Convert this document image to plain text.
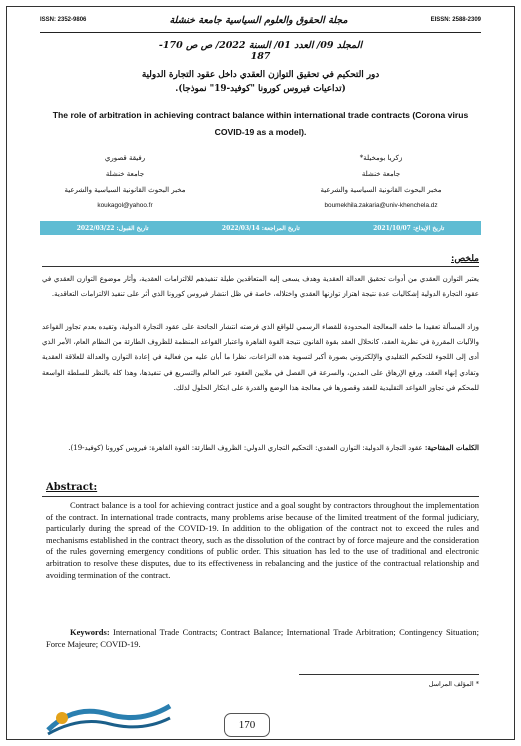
ISSN: 2352-9806	مجلة الحقوق والعلوم السياسية جامعة خنشلة	EISSN: 2588-2309
المجلد 09/ العدد 01/ السنة 2022/ ص ص 170-187
دور التحكيم في تحقيق التوازن العقدي داخل عقود التجارة الدولية
(تداعيات فيروس كورونا "كوفيد-19" نموذجا).
The role of arbitration in achieving contract balance within international trade contracts (Corona virus COVID-19 as a model).
زكريا بومخيلة*
جامعة خنشلة
مخبر البحوث القانونية السياسية والشرعية
boumekhila.zakaria@univ-khenchela.dz
رفيقة قصوري
جامعة خنشلة
مخبر البحوث القانونية السياسية والشرعية
koukagol@yahoo.fr
تاريخ الإيداع: 2021/10/07
تاريخ المراجعة: 2022/03/14
تاريخ القبول: 2022/03/22
ملخص:
يعتبر التوازن العقدي من أدوات تحقيق العدالة العقدية وهدف يسعى إليه المتعاقدين طيلة تنفيذهم للالتزامات العقدية، وأثار موضوع التوازن العقدي في عقود التجارة الدولية إشكاليات عدة نتيجة اهتزاز توازنها العقدي واختلاله، خاصة في ظل انتشار فيروس كورونا الذي أثر على تنفيذ الالتزامات التعاقدية.
وزاد المسألة تعقيدا ما خلفه المعالجة المحدودة للقضاء الرسمي للواقع الذي فرضته انتشار الجائحة على عقود التجارة الدولية، وتقيده بعدم تجاوز القواعد والآليات المقررة في نظرية العقد، كانحلال العقد بقوة القانون نتيجة القوة القاهرة واعتبار القواعد المنظمة للظروف الطارئة من النظام العام، الأمر الذي أدى إلى اللجوء للتحكيم التقليدي والإلكتروني بصورة أكبر لتسوية هذه النزاعات، نظرا ما أبان عليه من فعالية في إعادة التوازن والعدالة للعلاقة العقدية وتفادي إنهاء العقد، ورفع الإرهاق على المدين، والسرعة في الفصل في ملايين العقود عبر العالم والتسريع في تنفيذها، وهذا كله بالنظر للسلطة الواسعة للمحكم في تجاوز القواعد التقليدية للعقد وقصورها في معالجة هذا الوضع والقدرة على ابتكار الحلول لذلك.
الكلمات المفتاحية: عقود التجارة الدولية: التوازن العقدي: التحكيم التجاري الدولي: الظروف الطارئة: القوة القاهرة: فيروس كورونا (كوفيد-19).
Abstract:
Contract balance is a tool for achieving contract justice and a goal sought by contractors throughout the implementation of the contract. In international trade contracts, many problems arise because of the limited treatment of the formal judiciary, particularly during the spread of the COVID-19. In addition to the obligation of the contract not to exceed the rules and mechanisms established in the contract theory, such as the dissolution of the contract by of force majeure and the consideration of the rules governing emergency conditions of public order. This situation has led to the use of traditional and electronic arbitration to resolve these disputes, due to its effectiveness in rebalancing and the justice of the contractual relationship and avoiding termination of the contract.
Keywords: International Trade Contracts; Contract Balance; International Trade Arbitration; Contingency Situation; Force Majeure; COVID-19.
* المؤلف المراسل
170
